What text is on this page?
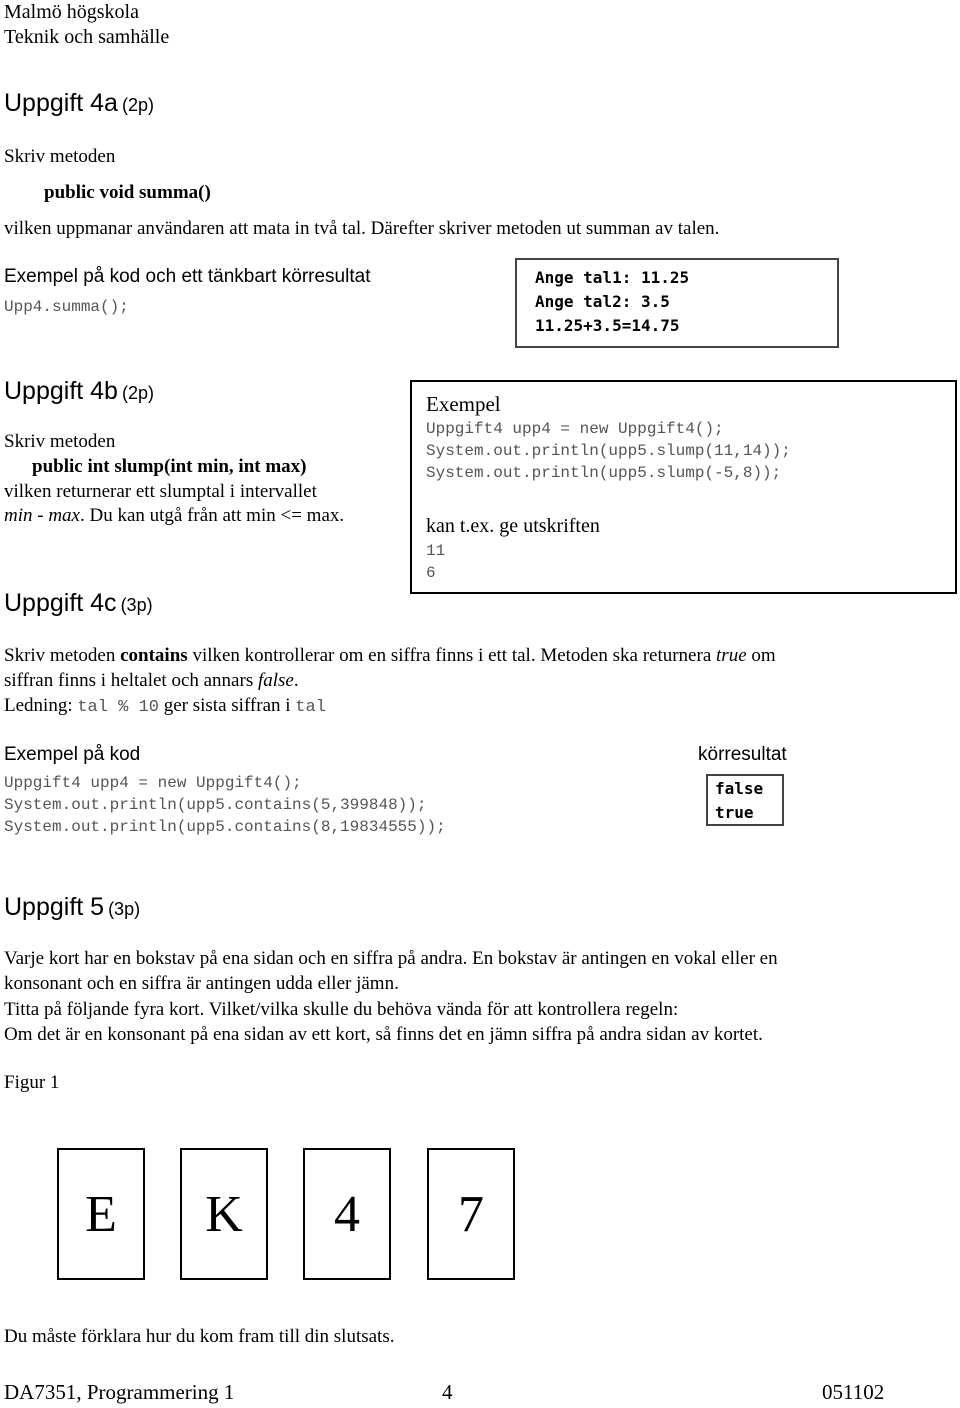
Malmö högskola
Teknik och samhälle
Uppgift 4a (2p)
Skriv metoden
public void summa()
vilken uppmanar användaren att mata in två tal. Därefter skriver metoden ut summan av talen.
Exempel på kod och ett tänkbart körresultat
Upp4.summa();
Ange tal1: 11.25
Ange tal2: 3.5
11.25+3.5=14.75
Uppgift 4b (2p)
Skriv metoden
public int slump(int min, int max)
vilken returnerar ett slumptal i intervallet
min - max. Du kan utgå från att min <= max.
Exempel
Uppgift4 upp4 = new Uppgift4();
System.out.println(upp5.slump(11,14));
System.out.println(upp5.slump(-5,8));
kan t.ex. ge utskriften
11
6
Uppgift 4c (3p)
Skriv metoden contains vilken kontrollerar om en siffra finns i ett tal. Metoden ska returnera true om
siffran finns i heltalet och annars false.
Ledning: tal % 10 ger sista siffran i tal
Exempel på kod	körresultat
Uppgift4 upp4 = new Uppgift4();
System.out.println(upp5.contains(5,399848));
System.out.println(upp5.contains(8,19834555));
false
true
Uppgift 5 (3p)
Varje kort har en bokstav på ena sidan och en siffra på andra. En bokstav är antingen en vokal eller en
konsonant och en siffra är antingen udda eller jämn.
Titta på följande fyra kort. Vilket/vilka skulle du behöva vända för att kontrollera regeln:
Om det är en konsonant på ena sidan av ett kort, så finns det en jämn siffra på andra sidan av kortet.
Figur 1
E	K	4	7
Du måste förklara hur du kom fram till din slutsats.
DA7351, Programmering 1	4	051102
